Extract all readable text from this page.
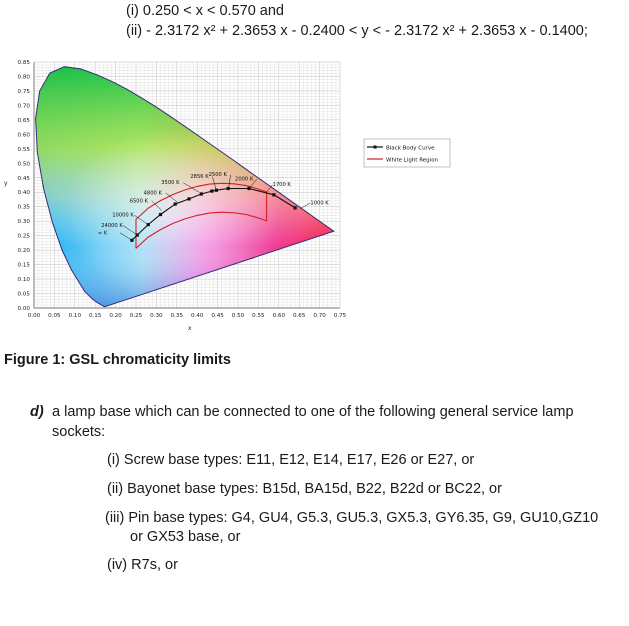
(i) 0.250 < x < 0.570 and
(ii) - 2.3172 x² + 2.3653 x - 0.2400 < y < - 2.3172 x² + 2.3653 x - 0.1400;
0.00 0.05 0.10 0.15 0.20 0.25 0.30 0.35 0.40 0.45 0.50 0.55 0.60 0.65 0.70 0.75
0.00
0.05
0.10
0.15
0.20
0.25
0.30
0.35
0.40
0.45
0.50
0.55
0.60
0.65
0.70
0.75
0.80
0.85
∞ K
24000 K
10000 K
6500 K
4800 K
3500 K
2856 K 2500 K
2000 K
1700 K
1000 K
Black Body Curve
White Light Region
x
y
Figure 1: GSL chromaticity limits
d) a lamp base which can be connected to one of the following general service lamp
sockets:
(i) Screw base types: E11, E12, E14, E17, E26 or E27, or
(ii) Bayonet base types: B15d, BA15d, B22, B22d or BC22, or
(iii) Pin base types: G4, GU4, G5.3, GU5.3, GX5.3, GY6.35, G9, GU10,GZ10
or GX53 base, or
(iv) R7s, or
